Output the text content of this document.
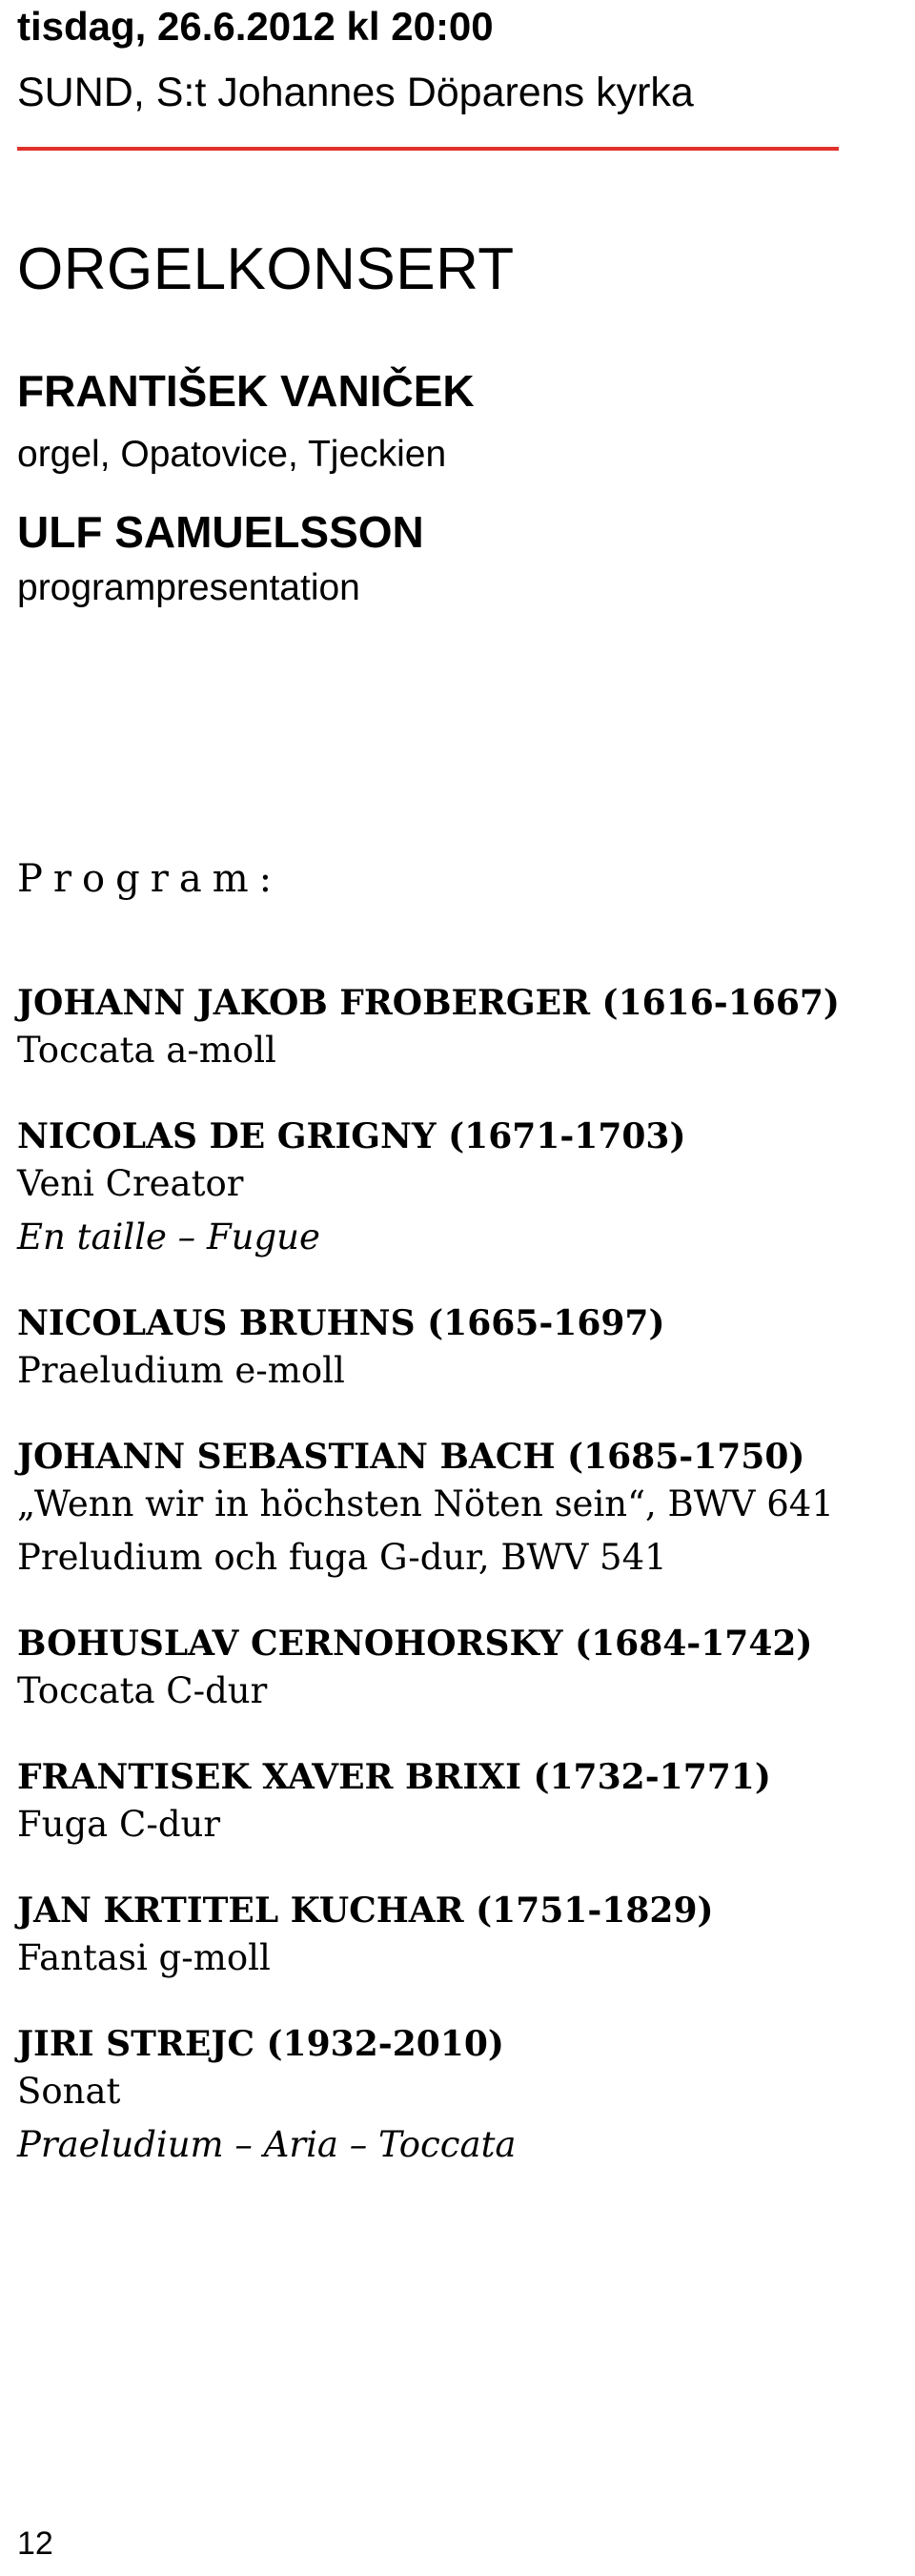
tisdag, 26.6.2012 kl 20:00
SUND, S:t Johannes Döparens kyrka
ORGELKONSERT
FRANTIŠEK VANIČEK
orgel, Opatovice, Tjeckien
ULF SAMUELSSON
programpresentation
Program:

JOHANN JAKOB FROBERGER (1616-1667)

Toccata a-moll

NICOLAS DE GRIGNY (1671-1703)

Veni Creator

En taille – Fugue

NICOLAUS BRUHNS (1665-1697)

Praeludium e-moll

JOHANN SEBASTIAN BACH (1685-1750)

„Wenn wir in höchsten Nöten sein“, BWV 641

Preludium och fuga G-dur, BWV 541

BOHUSLAV CERNOHORSKY (1684-1742)

Toccata C-dur

FRANTISEK XAVER BRIXI (1732-1771)

Fuga C-dur

JAN KRTITEL KUCHAR (1751-1829)

Fantasi g-moll

JIRI STREJC (1932-2010)

Sonat

Praeludium – Aria – Toccata

12
